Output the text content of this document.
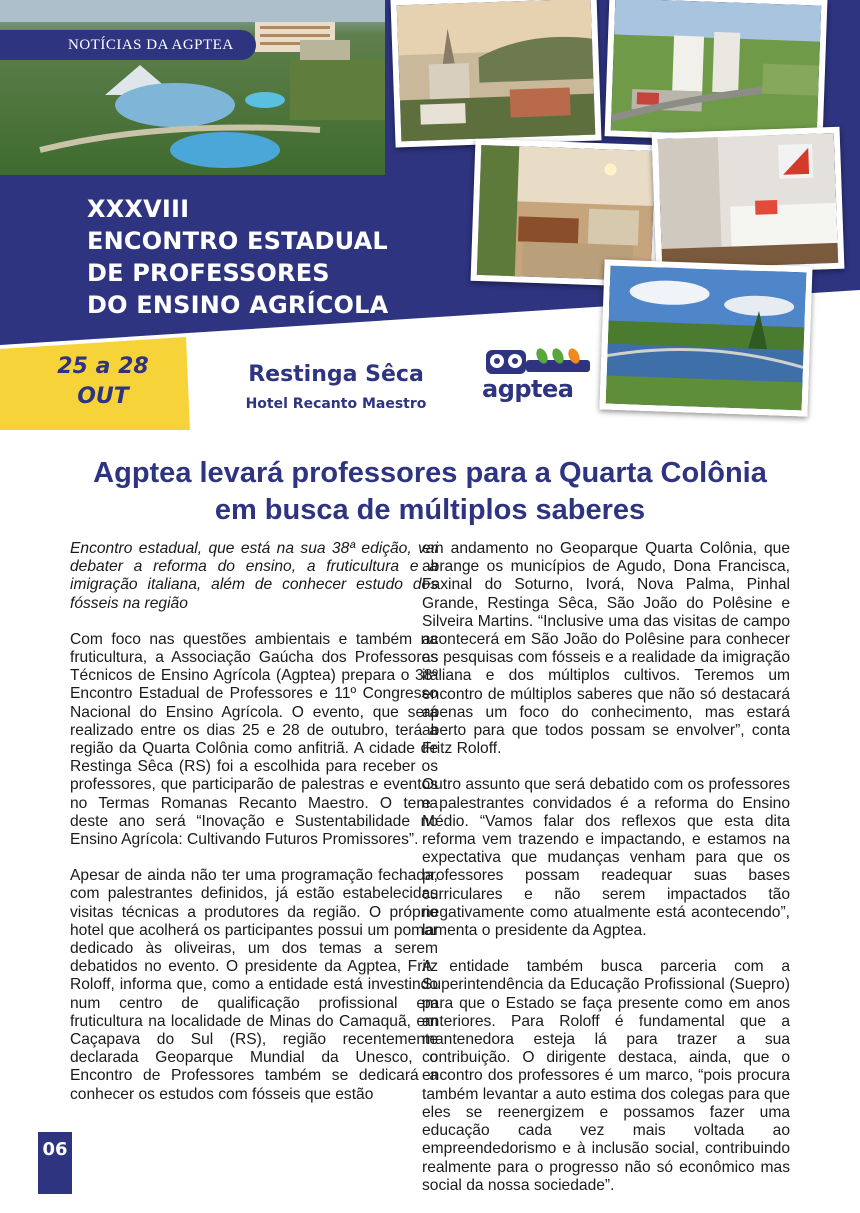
NOTÍCIAS DA AGPTEA
XXXVIII
ENCONTRO ESTADUAL
DE PROFESSORES
DO ENSINO AGRÍCOLA
25 a 28
OUT
Restinga Sêca
Hotel Recanto Maestro
agptea
Agptea levará professores para a Quarta Colônia
em busca de múltiplos saberes

Encontro estadual, que está na sua 38ª edição, vai debater a reforma do ensino, a fruticultura e a imigração italiana, além de conhecer estudo dos fósseis na região

Com foco nas questões ambientais e também na fruticultura, a Associação Gaúcha dos Professores Técnicos de Ensino Agrícola (Agptea) prepara o 38º Encontro Estadual de Professores e 11º Congresso Nacional do Ensino Agrícola. O evento, que será realizado entre os dias 25 e 28 de outubro, terá a região da Quarta Colônia como anfitriã. A cidade de Restinga Sêca (RS) foi a escolhida para receber os professores, que participarão de palestras e eventos no Termas Romanas Recanto Maestro. O tema deste ano será “Inovação e Sustentabilidade no Ensino Agrícola: Cultivando Futuros Promissores”.

Apesar de ainda não ter uma programação fechada, com palestrantes definidos, já estão estabelecidas visitas técnicas a produtores da região. O próprio hotel que acolherá os participantes possui um pomar dedicado às oliveiras, um dos temas a serem debatidos no evento. O presidente da Agptea, Fritz Roloff, informa que, como a entidade está investindo num centro de qualificação profissional em fruticultura na localidade de Minas do Camaquã, em Caçapava do Sul (RS), região recentemente declarada Geoparque Mundial da Unesco, o Encontro de Professores também se dedicará a conhecer os estudos com fósseis que estão

em andamento no Geoparque Quarta Colônia, que abrange os municípios de Agudo, Dona Francisca, Faxinal do Soturno, Ivorá, Nova Palma, Pinhal Grande, Restinga Sêca, São João do Polêsine e Silveira Martins. “Inclusive uma das visitas de campo acontecerá em São João do Polêsine para conhecer as pesquisas com fósseis e a realidade da imigração italiana e dos múltiplos cultivos. Teremos um encontro de múltiplos saberes que não só destacará apenas um foco do conhecimento, mas estará aberto para que todos possam se envolver”, conta Fritz Roloff.

Outro assunto que será debatido com os professores e palestrantes convidados é a reforma do Ensino Médio. “Vamos falar dos reflexos que esta dita reforma vem trazendo e impactando, e estamos na expectativa que mudanças venham para que os professores possam readequar suas bases curriculares e não serem impactados tão negativamente como atualmente está acontecendo”, lamenta o presidente da Agptea.

A entidade também busca parceria com a Superintendência da Educação Profissional (Suepro) para que o Estado se faça presente como em anos anteriores. Para Roloff é fundamental que a mantenedora esteja lá para trazer a sua contribuição. O dirigente destaca, ainda, que o encontro dos professores é um marco, “pois procura também levantar a auto estima dos colegas para que eles se reenergizem e possamos fazer uma educação cada vez mais voltada ao empreendedorismo e à inclusão social, contribuindo realmente para o progresso não só econômico mas social da nossa sociedade”.

06
